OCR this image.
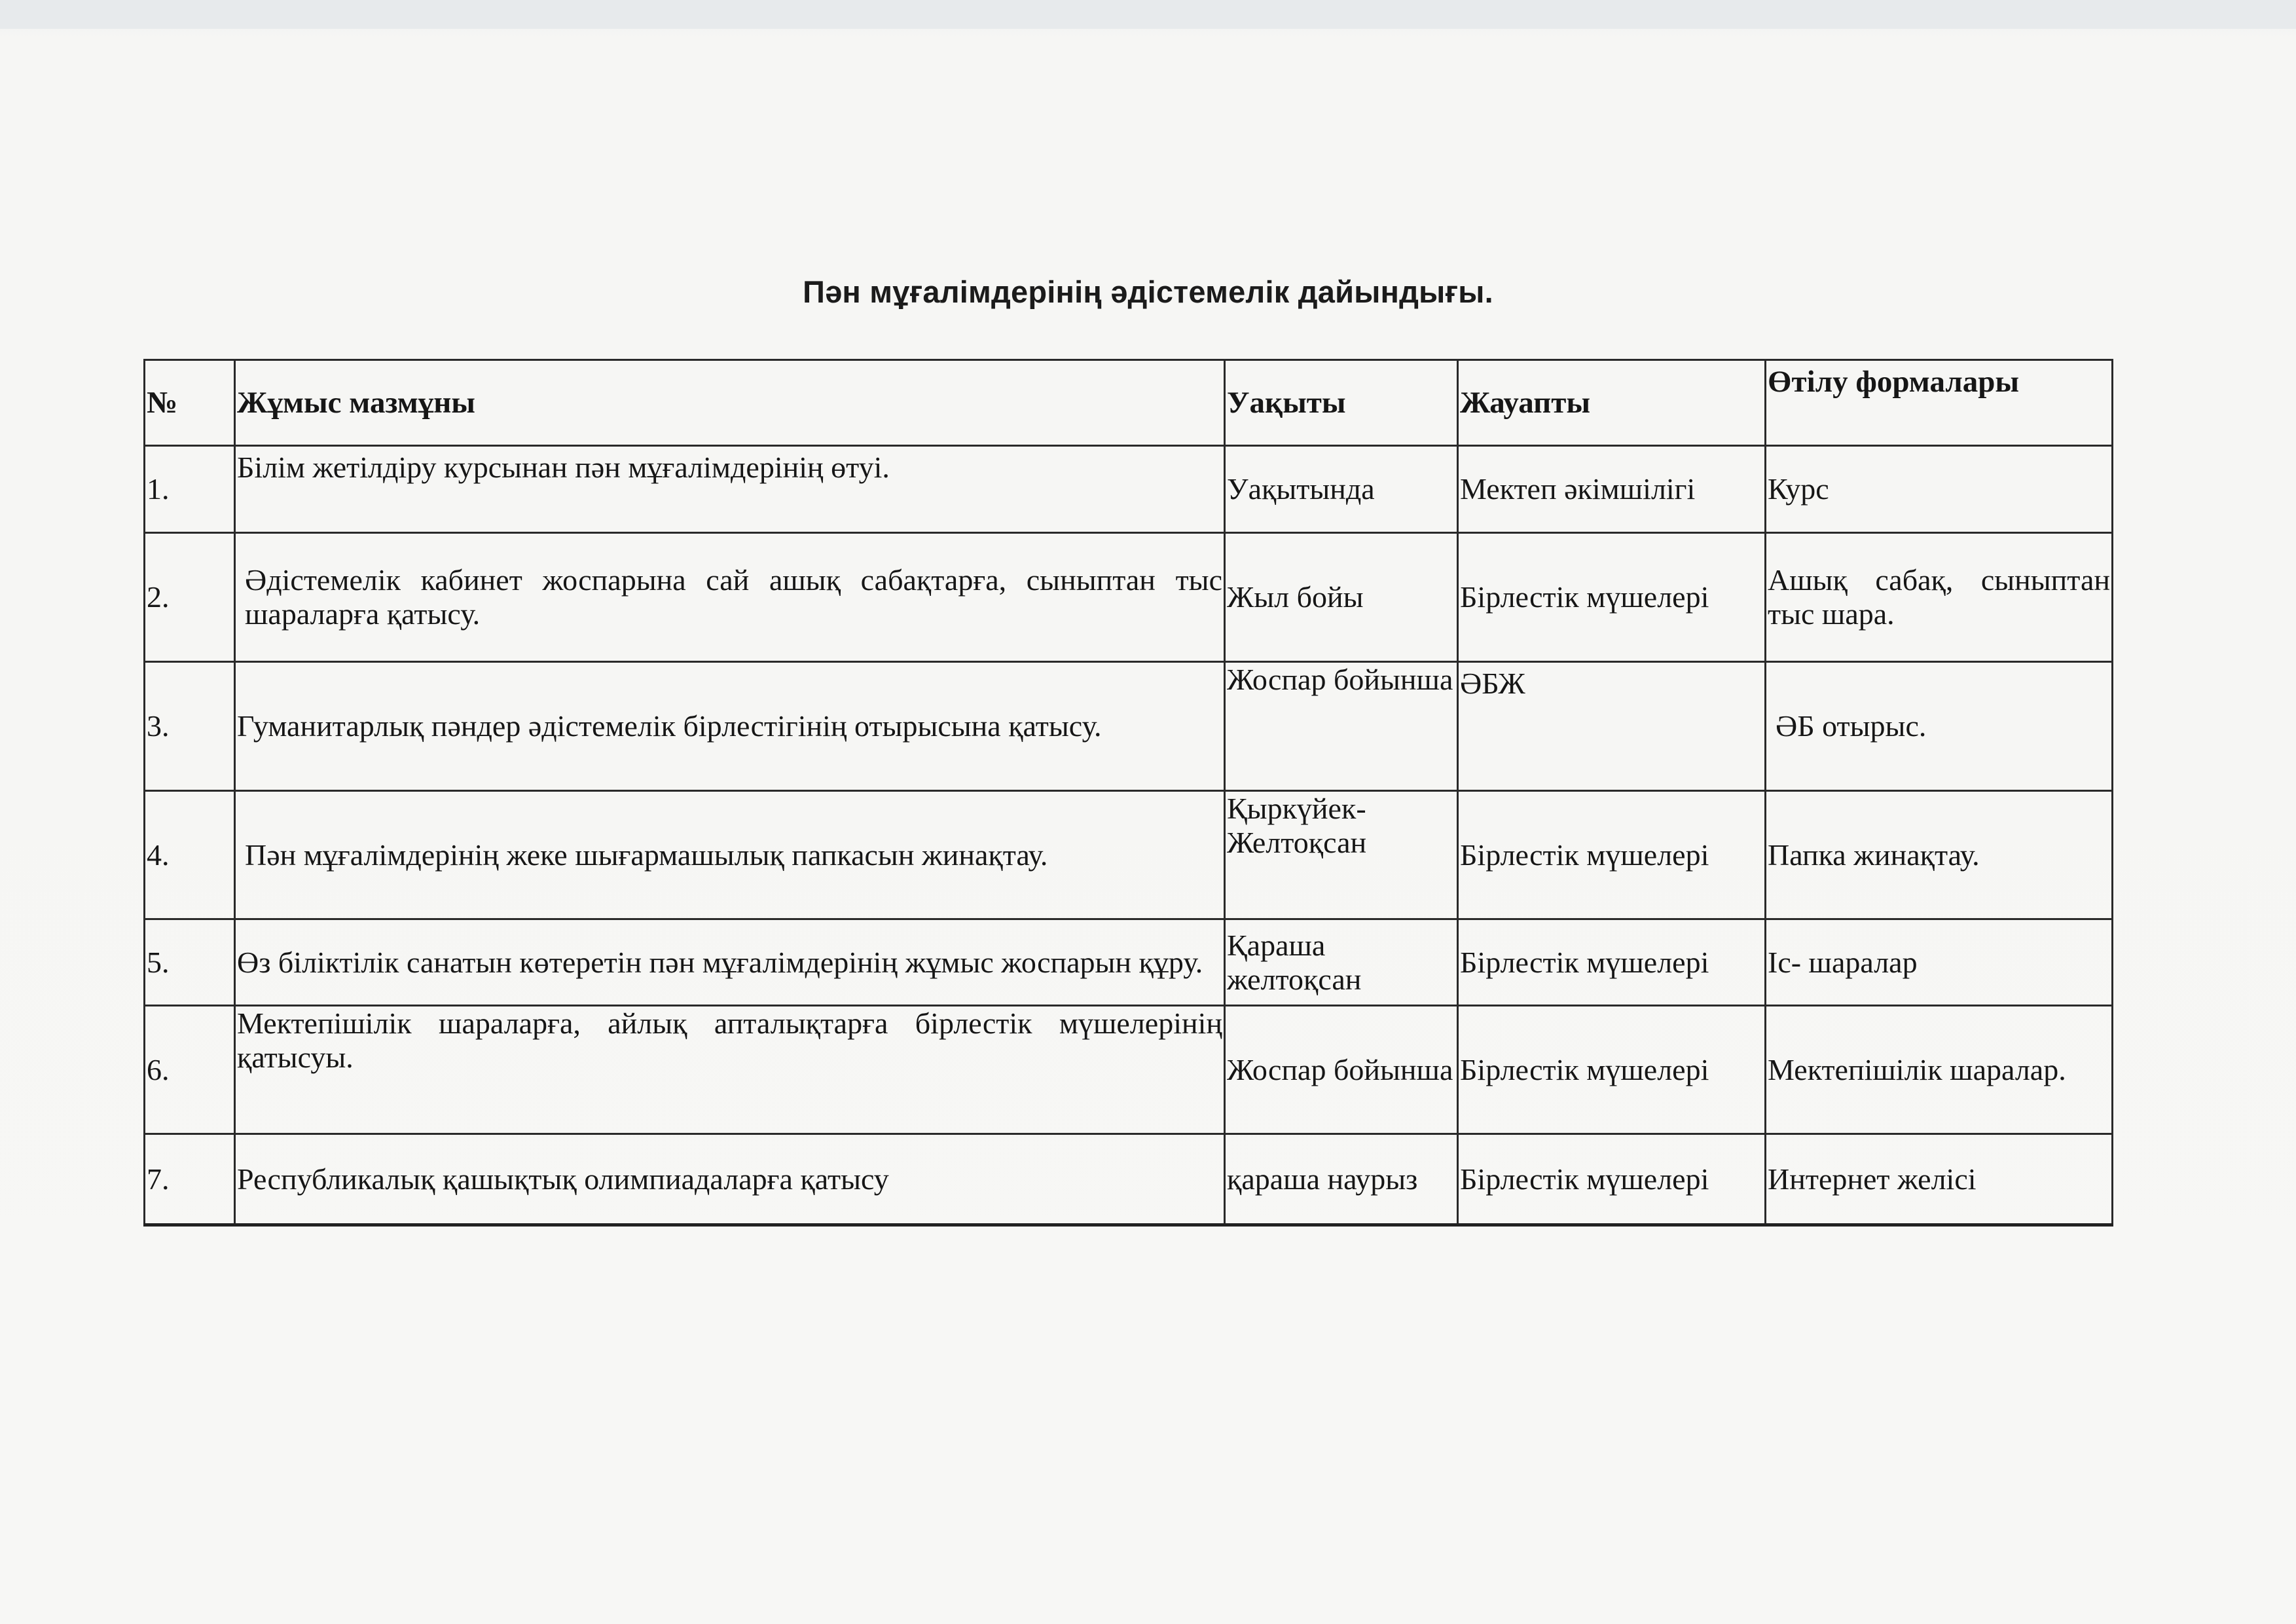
Пән мұғалімдерінің әдістемелік дайындығы.
№	Жұмыс мазмұны	Уақыты	Жауапты	Өтілу формалары
1.	Білім жетілдіру курсынан пән мұғалімдерінің өтуі.	Уақытында	Мектеп әкімшілігі	Курс
2.	Әдістемелік кабинет жоспарына сай ашық сабақтарға, сыныптан тыс шараларға қатысу.	Жыл бойы	Бірлестік мүшелері	Ашық сабақ, сыныптан тыс шара.
3.	Гуманитарлық пәндер әдістемелік бірлестігінің отырысына қатысу.	Жоспар бойынша	ӘБЖ	ӘБ отырыс.
4.	Пән мұғалімдерінің жеке шығармашылық папкасын жинақтау.	Қыркүйек- Желтоқсан	Бірлестік мүшелері	Папка жинақтау.
5.	Өз біліктілік санатын көтеретін пән мұғалімдерінің жұмыс жоспарын құру.	Қараша желтоқсан	Бірлестік мүшелері	Іс- шаралар
6.	Мектепішілік шараларға, айлық апталықтарға бірлестік мүшелерінің қатысуы.	Жоспар бойынша	Бірлестік мүшелері	Мектепішілік шаралар.
7.	Республикалық қашықтық олимпиадаларға қатысу	қараша наурыз	Бірлестік мүшелері	Интернет желісі
